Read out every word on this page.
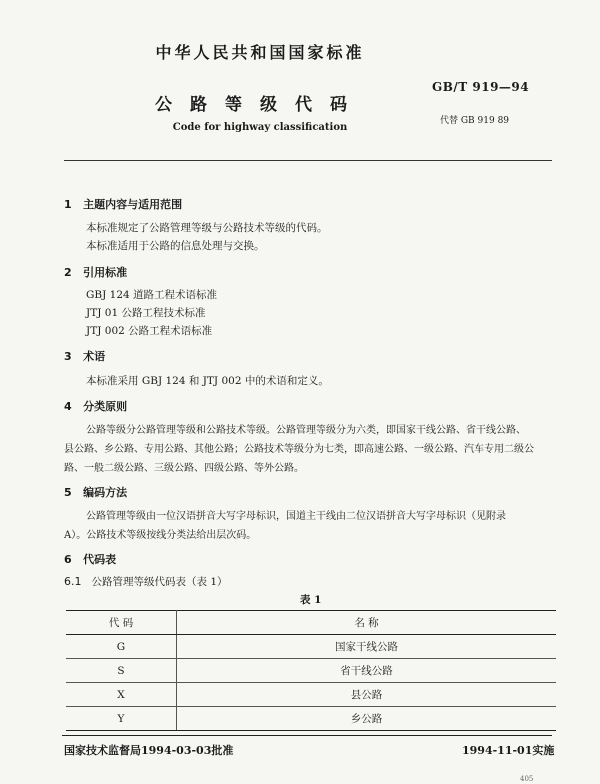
中华人民共和国国家标准
GB/T 919—94
公路等级代码
代替 GB 919 89
Code for highway classification
1 主题内容与适用范围
本标准规定了公路管理等级与公路技术等级的代码。
本标准适用于公路的信息处理与交换。
2 引用标准
GBJ 124 道路工程术语标准
JTJ 01 公路工程技术标准
JTJ 002 公路工程术语标准
3 术语
本标准采用 GBJ 124 和 JTJ 002 中的术语和定义。
4 分类原则
公路等级分公路管理等级和公路技术等级。公路管理等级分为六类，即国家干线公路、省干线公路、
县公路、乡公路、专用公路、其他公路；公路技术等级分为七类，即高速公路、一级公路、汽车专用二级公
路、一般二级公路、三级公路、四级公路、等外公路。
5 编码方法
公路管理等级由一位汉语拼音大写字母标识，国道主干线由二位汉语拼音大写字母标识（见附录
A）。公路技术等级按线分类法给出层次码。
6 代码表
6.1 公路管理等级代码表（表 1）
表 1
代 码	名 称
G	国家干线公路
S	省干线公路
X	县公路
Y	乡公路
国家技术监督局1994-03-03批准	1994-11-01实施
405
